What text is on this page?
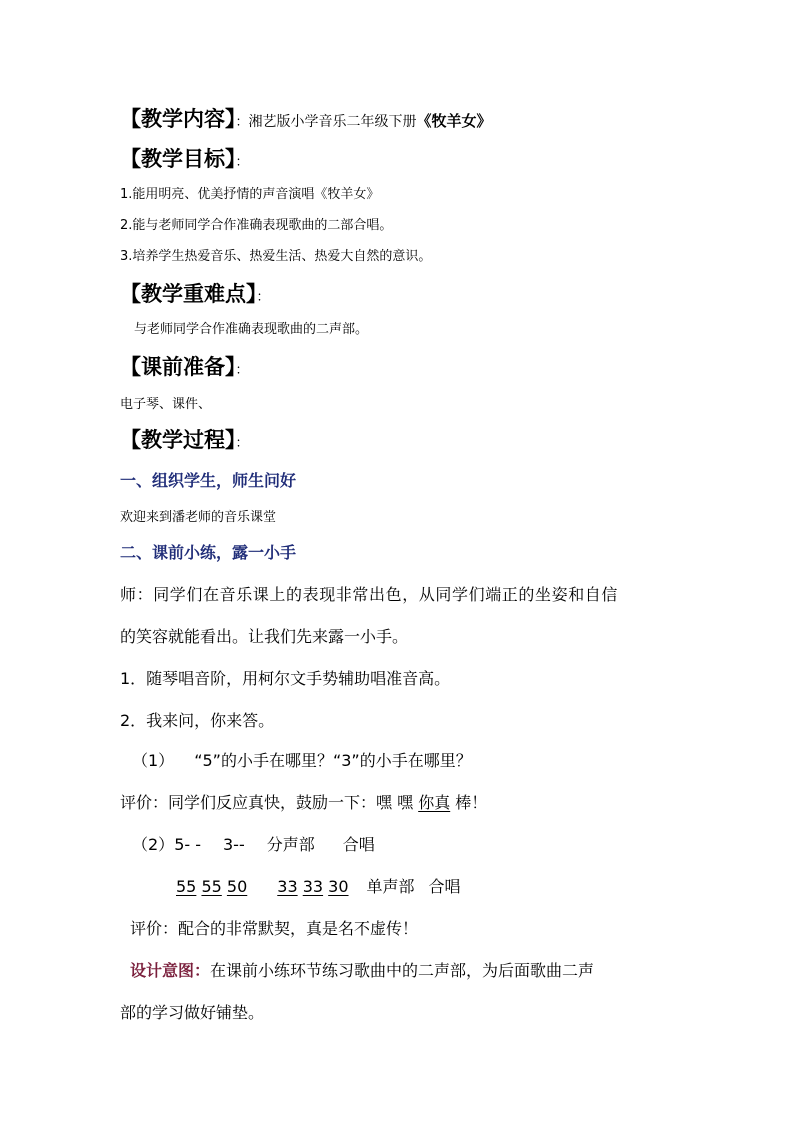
【教学内容】：湘艺版小学音乐二年级下册《牧羊女》
【教学目标】：
1.能用明亮、优美抒情的声音演唱《牧羊女》
2.能与老师同学合作准确表现歌曲的二部合唱。
3.培养学生热爱音乐、热爱生活、热爱大自然的意识。
【教学重难点】：
与老师同学合作准确表现歌曲的二声部。
【课前准备】：
电子琴、课件、
【教学过程】：
一、组织学生，师生问好
欢迎来到潘老师的音乐课堂
二、课前小练，露一小手
师：同学们在音乐课上的表现非常出色，从同学们端正的坐姿和自信
的笑容就能看出。让我们先来露一小手。
1．随琴唱音阶，用柯尔文手势辅助唱准音高。
2．我来问，你来答。
（1） “5”的小手在哪里？“3”的小手在哪里？
评价：同学们反应真快，鼓励一下：嘿 嘿 你真 棒！
（2）5- - 3-- 分声部 合唱
55 55 50 33 33 30 单声部 合唱
评价：配合的非常默契，真是名不虚传！
设计意图：在课前小练环节练习歌曲中的二声部，为后面歌曲二声
部的学习做好铺垫。
